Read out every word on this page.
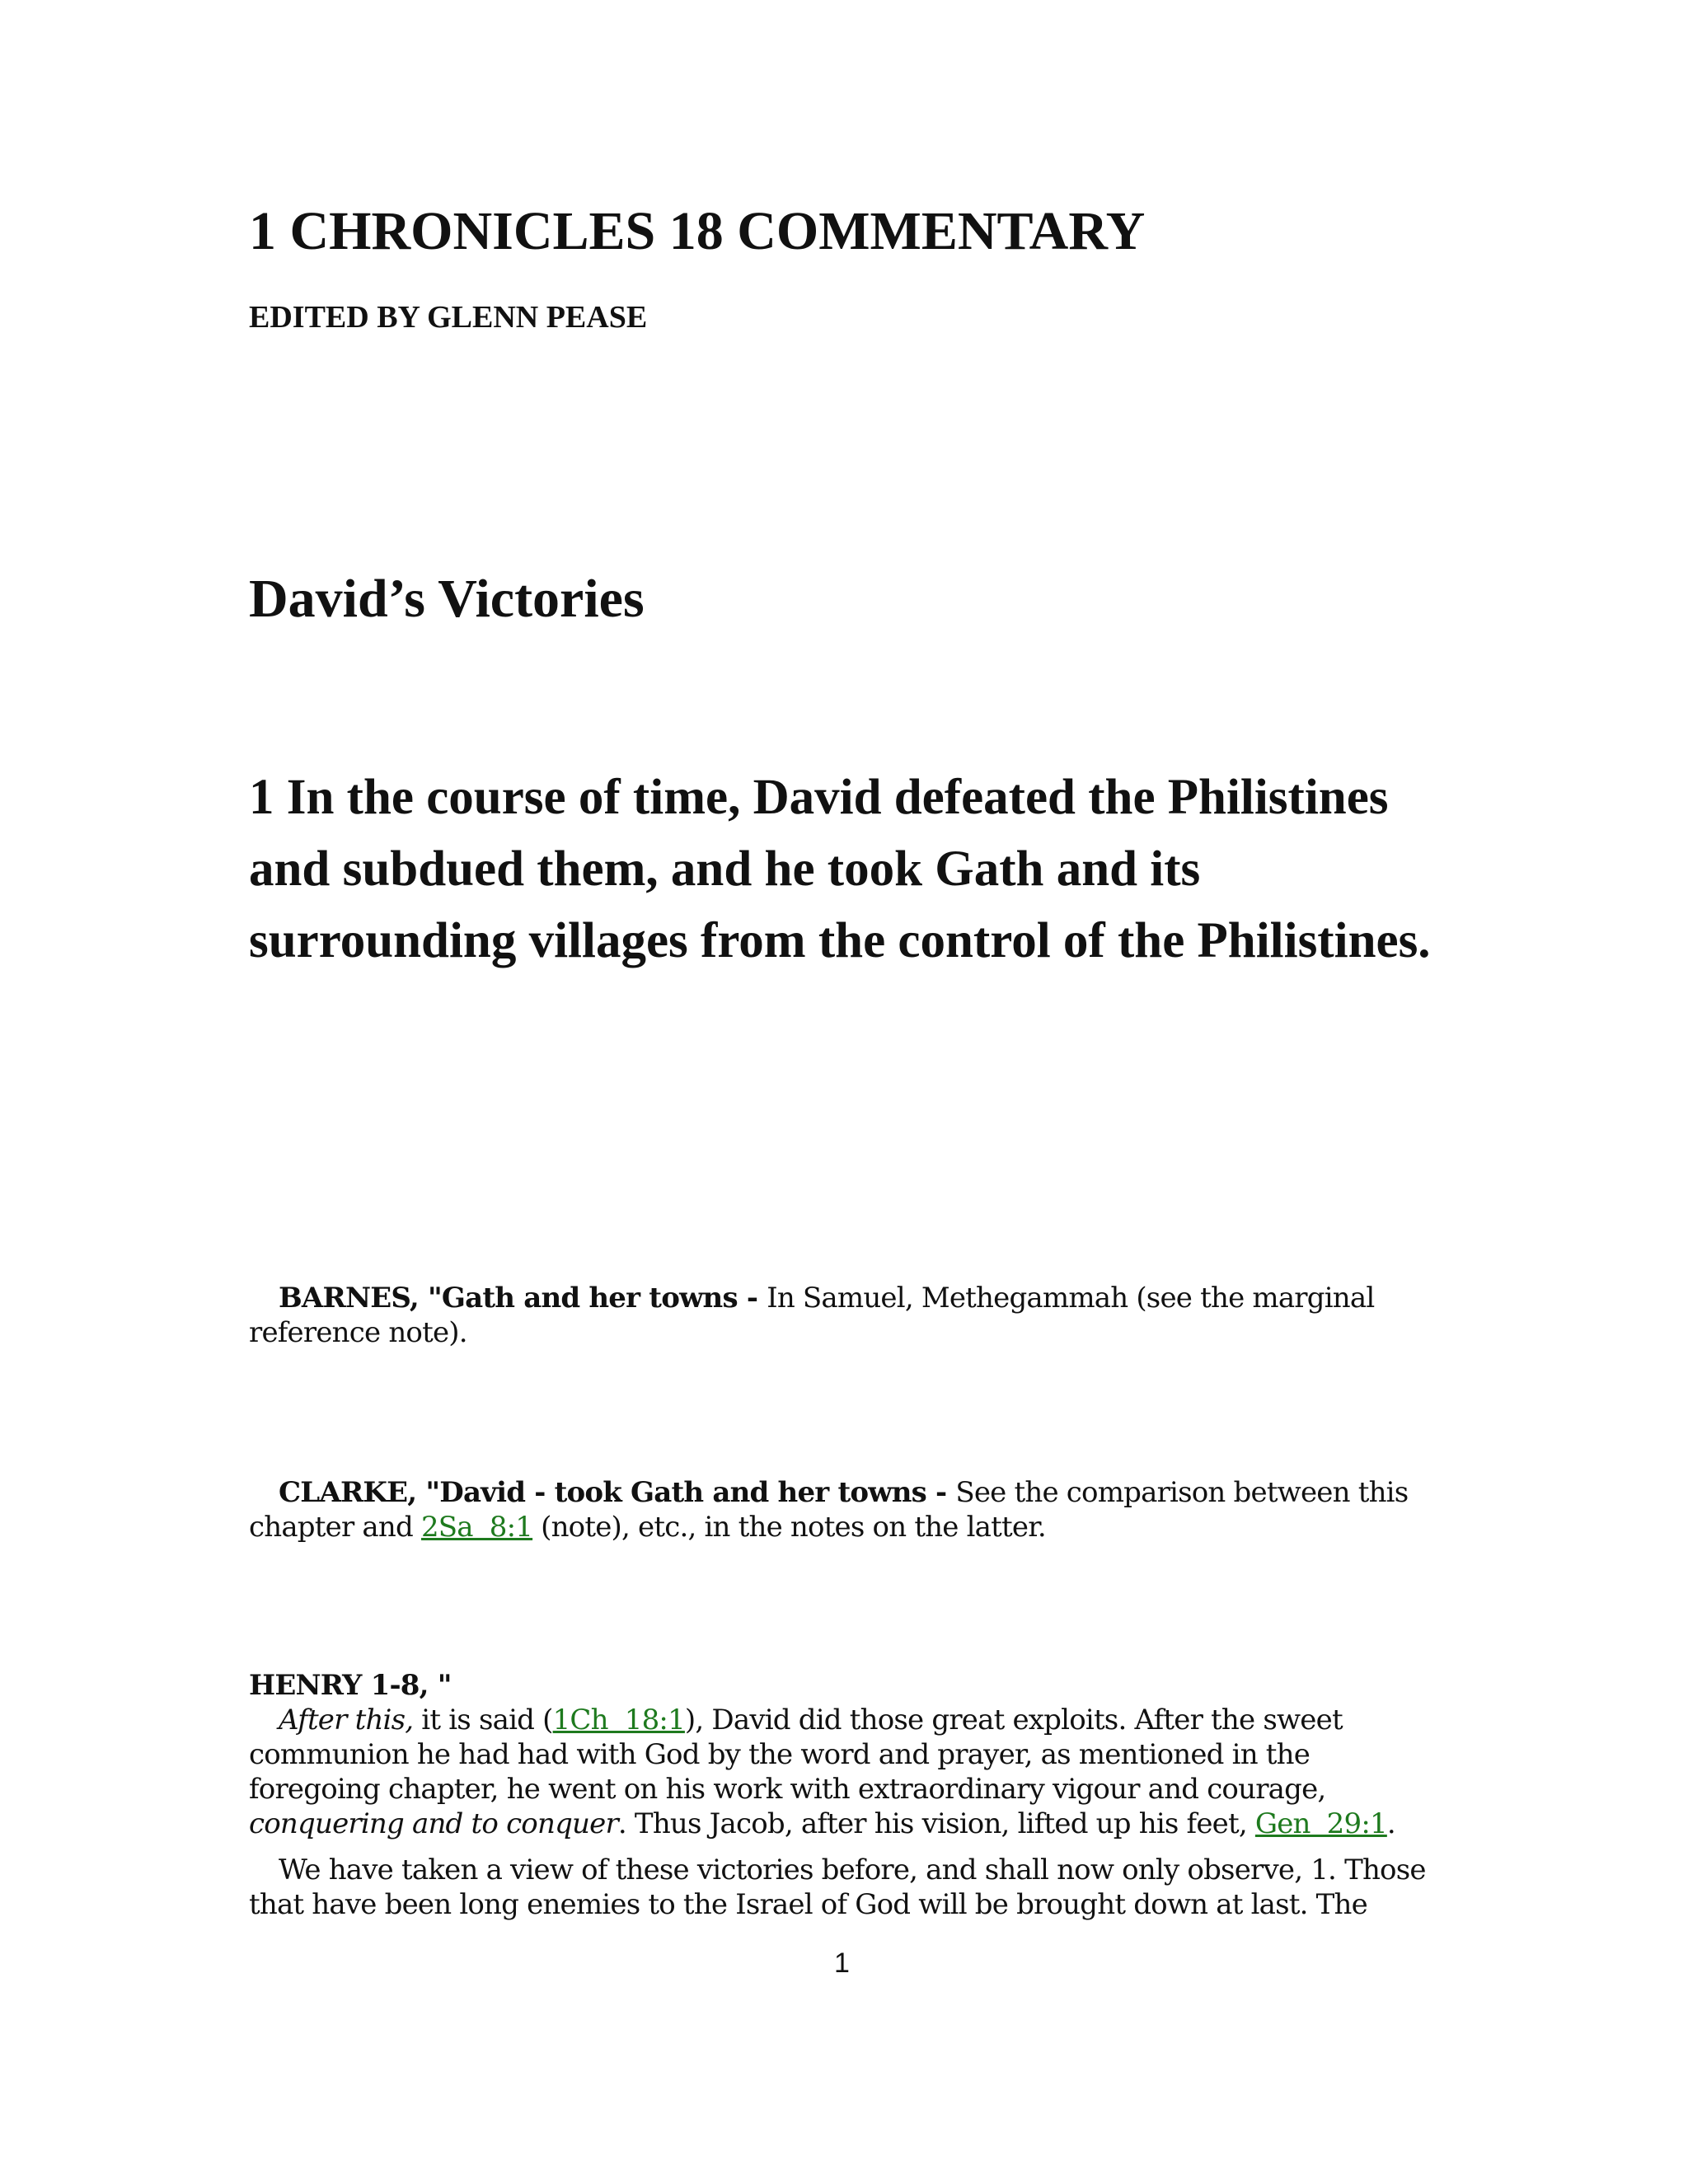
1 CHRONICLES 18 COMMENTARY
EDITED BY GLENN PEASE
David’s Victories
1 In the course of time, David defeated the Philistines and subdued them, and he took Gath and its surrounding villages from the control of the Philistines.

BARNES, "Gath and her towns - In Samuel, Methegammah (see the marginal reference note).

CLARKE, "David - took Gath and her towns - See the comparison between this chapter and 2Sa  8:1 (note), etc., in the notes on the latter.

HENRY 1-8, "

After this, it is said (1Ch  18:1), David did those great exploits. After the sweet communion he had had with God by the word and prayer, as mentioned in the foregoing chapter, he went on his work with extraordinary vigour and courage, conquering and to conquer. Thus Jacob, after his vision, lifted up his feet, Gen  29:1.

We have taken a view of these victories before, and shall now only observe, 1. Those that have been long enemies to the Israel of God will be brought down at last. The

1
